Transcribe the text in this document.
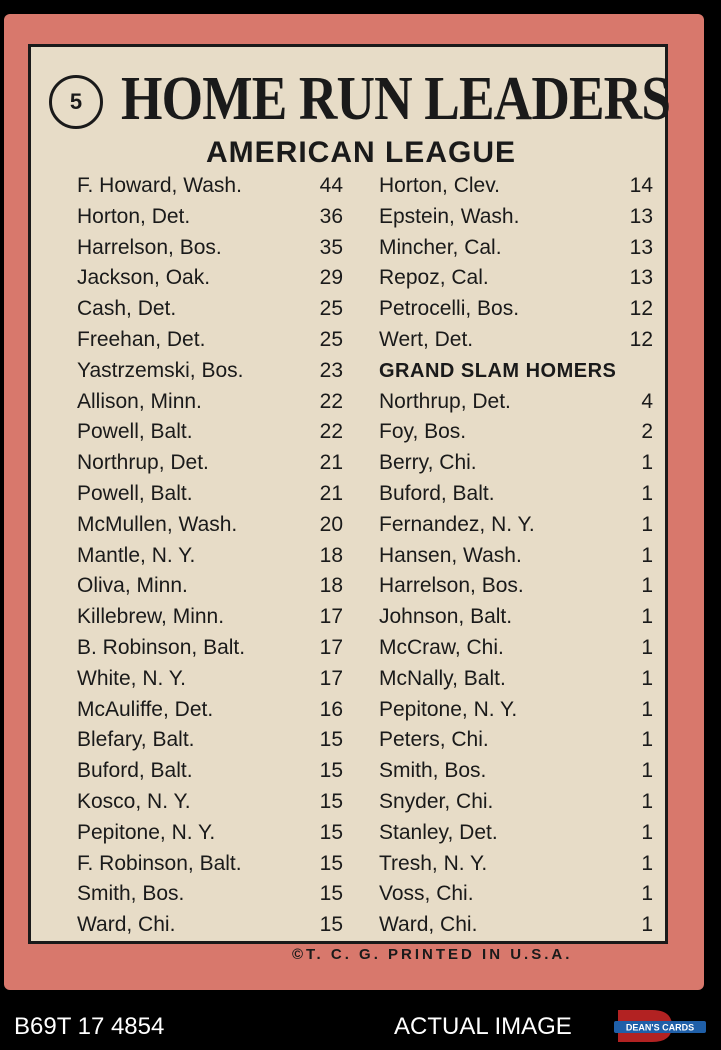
5 HOME RUN LEADERS
AMERICAN LEAGUE
F. Howard, Wash.	44
Horton, Det.	36
Harrelson, Bos.	35
Jackson, Oak.	29
Cash, Det.	25
Freehan, Det.	25
Yastrzemski, Bos.	23
Allison, Minn.	22
Powell, Balt.	22
Northrup, Det.	21
Powell, Balt.	21
McMullen, Wash.	20
Mantle, N. Y.	18
Oliva, Minn.	18
Killebrew, Minn.	17
B. Robinson, Balt.	17
White, N. Y.	17
McAuliffe, Det.	16
Blefary, Balt.	15
Buford, Balt.	15
Kosco, N. Y.	15
Pepitone, N. Y.	15
F. Robinson, Balt.	15
Smith, Bos.	15
Ward, Chi.	15
Horton, Clev.	14
Epstein, Wash.	13
Mincher, Cal.	13
Repoz, Cal.	13
Petrocelli, Bos.	12
Wert, Det.	12
GRAND SLAM HOMERS
Northrup, Det.	4
Foy, Bos.	2
Berry, Chi.	1
Buford, Balt.	1
Fernandez, N. Y.	1
Hansen, Wash.	1
Harrelson, Bos.	1
Johnson, Balt.	1
McCraw, Chi.	1
McNally, Balt.	1
Pepitone, N. Y.	1
Peters, Chi.	1
Smith, Bos.	1
Snyder, Chi.	1
Stanley, Det.	1
Tresh, N. Y.	1
Voss, Chi.	1
Ward, Chi.	1
©T. C. G. PRINTED IN U.S.A.
B69T 17 4854	ACTUAL IMAGE	DEAN'S CARDS
